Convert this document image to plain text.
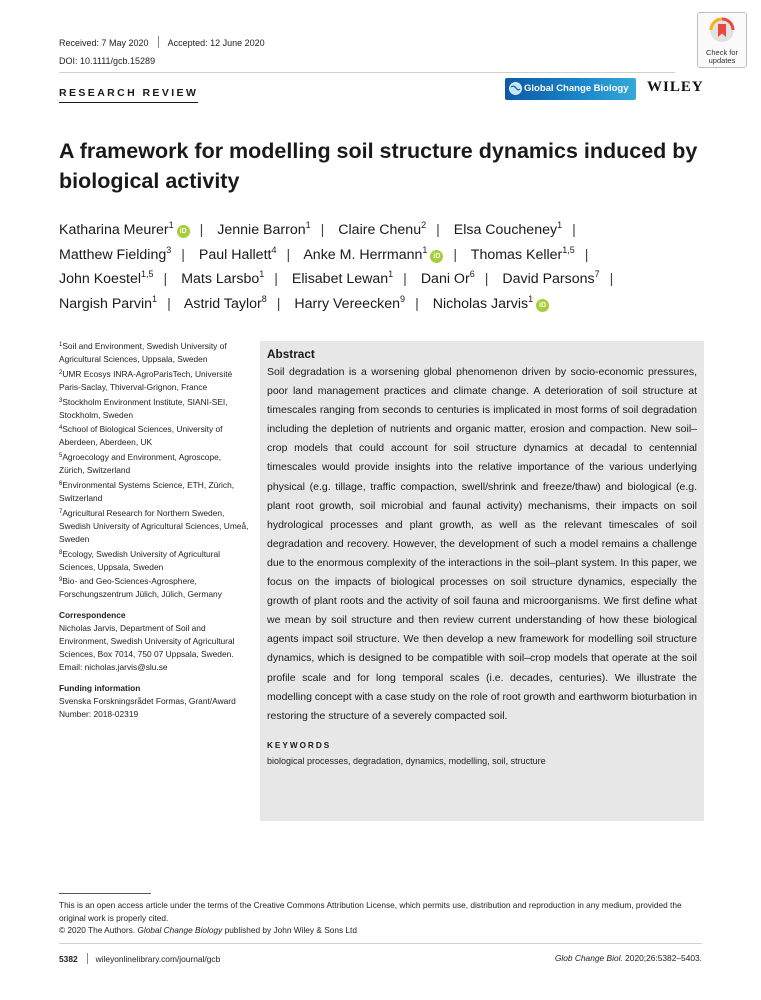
Received: 7 May 2020 Accepted: 12 June 2020
DOI: 10.1111/gcb.15289
Check for
updates
RESEARCH REVIEW	Global Change Biology	WILEY
A framework for modelling soil structure dynamics induced by biological activity
Katharina Meurer$^1$iD | Jennie Barron$^1$ | Claire Chenu$^2$ | Elsa Coucheney$^1$ | Matthew Fielding$^3$ | Paul Hallett$^4$ | Anke M. Herrmann$^1$iD | Thomas Keller$^{1,5}$ | John Koestel$^{1,5}$ | Mats Larsbo$^1$ | Elisabet Lewan$^1$ | Dani Or$^6$ | David Parsons$^7$ | Nargish Parvin$^1$ | Astrid Taylor$^8$ | Harry Vereecken$^9$ | Nicholas Jarvis$^1$iD
$^1$Soil and Environment, Swedish University of Agricultural Sciences, Uppsala, Sweden
$^2$UMR Ecosys INRA-AgroParisTech, Université Paris-Saclay, Thiverval-Grignon, France
$^3$Stockholm Environment Institute, SIANI-SEI, Stockholm, Sweden
$^4$School of Biological Sciences, University of Aberdeen, Aberdeen, UK
$^5$Agroecology and Environment, Agroscope, Zürich, Switzerland
$^6$Environmental Systems Science, ETH, Zürich, Switzerland
$^7$Agricultural Research for Northern Sweden, Swedish University of Agricultural Sciences, Umeå, Sweden
$^8$Ecology, Swedish University of Agricultural Sciences, Uppsala, Sweden
$^9$Bio- and Geo-Sciences-Agrosphere, Forschungszentrum Jülich, Jülich, Germany
Correspondence

Nicholas Jarvis, Department of Soil and Environment, Swedish University of Agricultural Sciences, Box 7014, 750 07 Uppsala, Sweden.

Email: nicholas.jarvis@slu.se

Funding information

Svenska Forskningsrådet Formas, Grant/Award Number: 2018-02319

Abstract
Soil degradation is a worsening global phenomenon driven by socio-economic pressures, poor land management practices and climate change. A deterioration of soil structure at timescales ranging from seconds to centuries is implicated in most forms of soil degradation including the depletion of nutrients and organic matter, erosion and compaction. New soil–crop models that could account for soil structure dynamics at decadal to centennial timescales would provide insights into the relative importance of the various underlying physical (e.g. tillage, traffic compaction, swell/shrink and freeze/thaw) and biological (e.g. plant root growth, soil microbial and faunal activity) mechanisms, their impacts on soil hydrological processes and plant growth, as well as the relevant timescales of soil degradation and recovery. However, the development of such a model remains a challenge due to the enormous complexity of the interactions in the soil–plant system. In this paper, we focus on the impacts of biological processes on soil structure dynamics, especially the growth of plant roots and the activity of soil fauna and microorganisms. We first define what we mean by soil structure and then review current understanding of how these biological agents impact soil structure. We then develop a new framework for modelling soil structure dynamics, which is designed to be compatible with soil–crop models that operate at the soil profile scale and for long temporal scales (i.e. decades, centuries). We illustrate the modelling concept with a case study on the role of root growth and earthworm bioturbation in restoring the structure of a severely compacted soil.
KEYWORDS
biological processes, degradation, dynamics, modelling, soil, structure
This is an open access article under the terms of the Creative Commons Attribution License, which permits use, distribution and reproduction in any medium, provided the original work is properly cited.
© 2020 The Authors. Global Change Biology published by John Wiley & Sons Ltd
5382 wileyonlinelibrary.com/journal/gcb	Glob Change Biol. 2020;26:5382–5403.
